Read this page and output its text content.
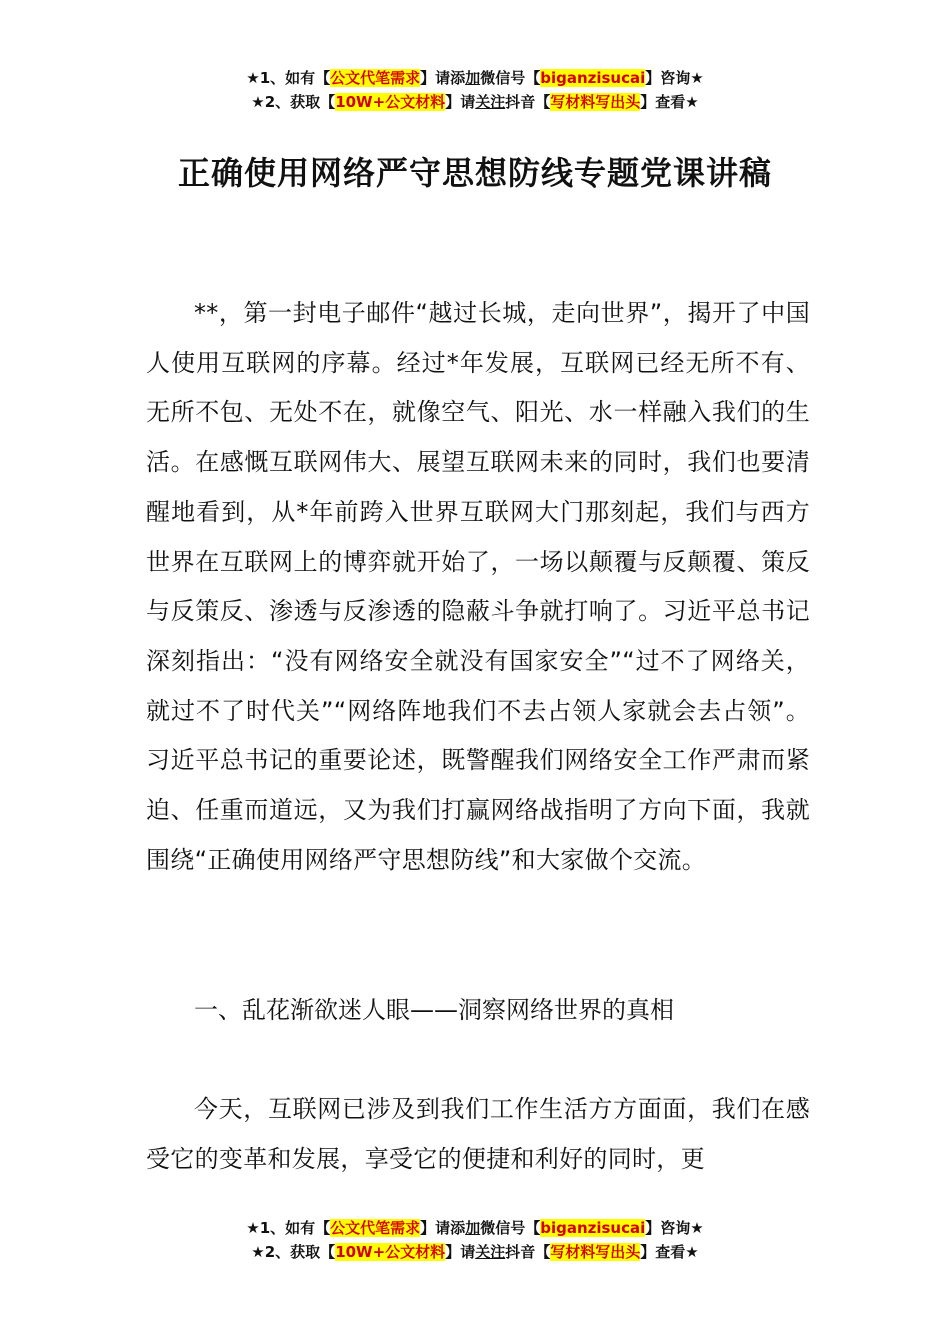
★1、如有【公文代笔需求】请添加微信号【biganzisucai】咨询★
★2、获取【10W+公文材料】请关注抖音【写材料写出头】查看★
正确使用网络严守思想防线专题党课讲稿

**，第一封电子邮件“越过长城，走向世界”，揭开了中国人使用互联网的序幕。经过*年发展，互联网已经无所不有、无所不包、无处不在，就像空气、阳光、水一样融入我们的生活。在感慨互联网伟大、展望互联网未来的同时，我们也要清醒地看到，从*年前跨入世界互联网大门那刻起，我们与西方世界在互联网上的博弈就开始了，一场以颠覆与反颠覆、策反与反策反、渗透与反渗透的隐蔽斗争就打响了。习近平总书记深刻指出：“没有网络安全就没有国家安全”“过不了网络关，就过不了时代关”“网络阵地我们不去占领人家就会去占领”。习近平总书记的重要论述，既警醒我们网络安全工作严肃而紧迫、任重而道远，又为我们打赢网络战指明了方向下面，我就围绕“正确使用网络严守思想防线”和大家做个交流。

一、乱花渐欲迷人眼——洞察网络世界的真相

今天，互联网已涉及到我们工作生活方方面面，我们在感受它的变革和发展，享受它的便捷和利好的同时，更

★1、如有【公文代笔需求】请添加微信号【biganzisucai】咨询★
★2、获取【10W+公文材料】请关注抖音【写材料写出头】查看★
